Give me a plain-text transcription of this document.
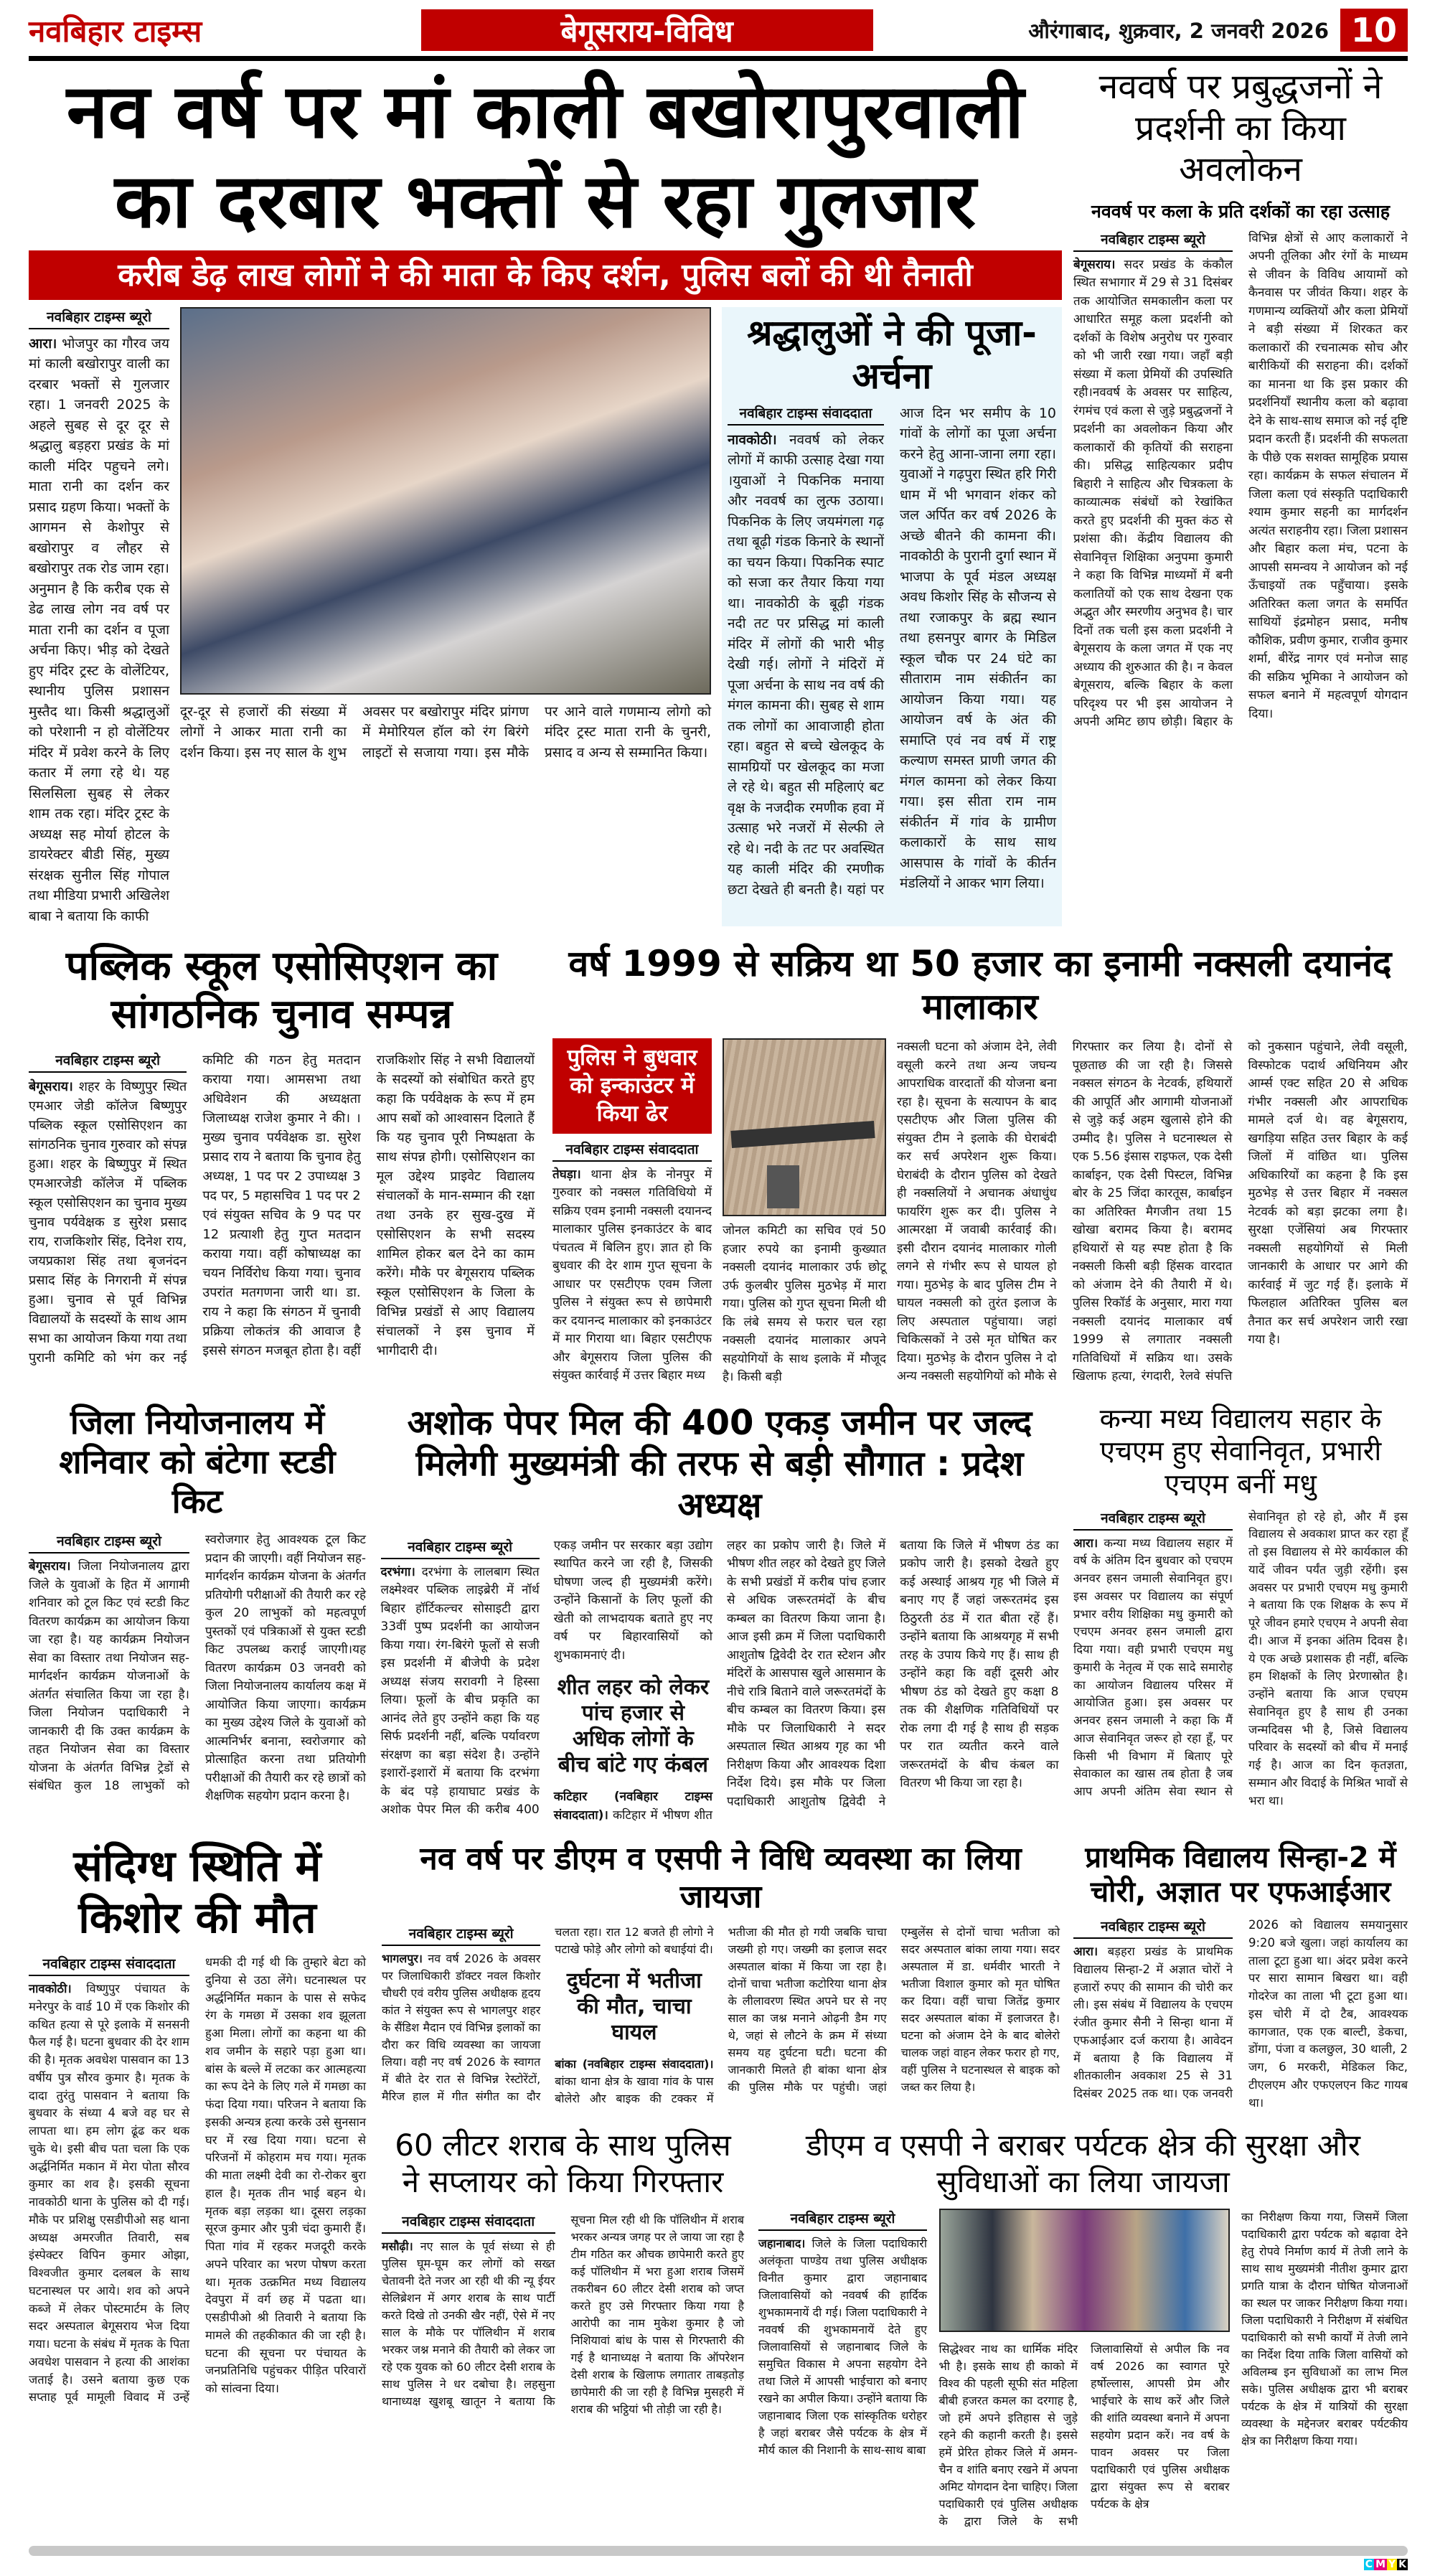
नवबिहार टाइम्स	बेगूसराय-विविध	औरंगाबाद, शुक्रवार, 2 जनवरी 2026 10
नव वर्ष पर मां काली बखोरापुरवाली
का दरबार भक्तों से रहा गुलजार
करीब डेढ़ लाख लोगों ने की माता के किए दर्शन, पुलिस बलों की थी तैनाती
नवबिहार टाइम्स ब्यूरो

आरा। भोजपुर का गौरव जय मां काली बखोरापुर वाली का दरबार भक्तों से गुलजार रहा। 1 जनवरी 2025 के अहले सुबह से दूर दूर से श्रद्धालु बड़हरा प्रखंड के मां काली मंदिर पहुचने लगे। माता रानी का दर्शन कर प्रसाद ग्रहण किया। भक्तों के आगमन से केशोपुर से बखोरापुर व लौहर से बखोरापुर तक रोड जाम रहा। अनुमान है कि करीब एक से डेढ लाख लोग नव वर्ष पर माता रानी का दर्शन व पूजा अर्चना किए। भीड़ को देखते हुए मंदिर ट्रस्ट के वोलेंटियर, स्थानीय पुलिस प्रशासन मुस्तैद था। किसी श्रद्धालुओं को परेशानी न हो वोलेंटियर मंदिर में प्रवेश करने के लिए कतार में लगा रहे थे। यह सिलसिला सुबह से लेकर शाम तक रहा। मंदिर ट्रस्ट के अध्यक्ष सह मोर्या होटल के डायरेक्टर बीडी सिंह, मुख्य संरक्षक सुनील सिंह गोपाल तथा मीडिया प्रभारी अखिलेश बाबा ने बताया कि काफी

दूर-दूर से हजारों की संख्या में लोगों ने आकर माता रानी का दर्शन किया। इस नए साल के शुभ अवसर पर बखोरापुर मंदिर प्रांगण में मेमोरियल हॉल को रंग बिरंगे लाइटों से सजाया गया। इस मौके पर आने वाले गणमान्य लोगो को मंदिर ट्रस्ट माता रानी के चुनरी, प्रसाद व अन्य से सम्मानित किया।

श्रद्धालुओं ने की पूजा-अर्चना
नवबिहार टाइम्स संवाददाता

नावकोठी। नववर्ष को लेकर लोगों में काफी उत्साह देखा गया ।युवाओं ने पिकनिक मनाया और नववर्ष का लुत्फ उठाया। पिकनिक के लिए जयमंगला गढ़ तथा बूढ़ी गंडक किनारे के स्थानों का चयन किया। पिकनिक स्पाट को सजा कर तैयार किया गया था। नावकोठी के बूढ़ी गंडक नदी तट पर प्रसिद्ध मां काली मंदिर में लोगों की भारी भीड़ देखी गई। लोगों ने मंदिरों में पूजा अर्चना के साथ नव वर्ष की मंगल कामना की। सुबह से शाम तक लोगों का आवाजाही होता रहा। बहुत से बच्चे खेलकूद के सामग्रियों पर खेलकूद का मजा ले रहे थे। बहुत सी महिलाएं बट वृक्ष के नजदीक रमणीक हवा में उत्साह भरे नजरों में सेल्फी ले रहे थे। नदी के तट पर अवस्थित यह काली मंदिर की रमणीक छटा देखते ही बनती है। यहां पर आज दिन भर समीप के 10 गांवों के लोगों का पूजा अर्चना करने हेतु आना-जाना लगा रहा। युवाओं ने गढ़पुरा स्थित हरि गिरी धाम में भी भगवान शंकर को जल अर्पित कर वर्ष 2026 के अच्छे बीतने की कामना की। नावकोठी के पुरानी दुर्गा स्थान में भाजपा के पूर्व मंडल अध्यक्ष अवध किशोर सिंह के सौजन्य से तथा रजाकपुर के ब्रह्म स्थान तथा हसनपुर बागर के मिडिल स्कूल चौक पर 24 घंटे का सीताराम नाम संकीर्तन का आयोजन किया गया। यह आयोजन वर्ष के अंत की समाप्ति एवं नव वर्ष में राष्ट्र कल्याण समस्त प्राणी जगत की मंगल कामना को लेकर किया गया। इस सीता राम नाम संकीर्तन में गांव के ग्रामीण कलाकारों के साथ साथ आसपास के गांवों के कीर्तन मंडलियों ने आकर भाग लिया।

नववर्ष पर प्रबुद्धजनों ने प्रदर्शनी का किया अवलोकन
नववर्ष पर कला के प्रति दर्शकों का रहा उत्साह
नवबिहार टाइम्स ब्यूरो

बेगूसराय। सदर प्रखंड के कंकौल स्थित सभागार में 29 से 31 दिसंबर तक आयोजित समकालीन कला पर आधारित समूह कला प्रदर्शनी को दर्शकों के विशेष अनुरोध पर गुरुवार को भी जारी रखा गया। जहाँ बड़ी संख्या में कला प्रेमियों की उपस्थिति रही।नववर्ष के अवसर पर साहित्य, रंगमंच एवं कला से जुड़े प्रबुद्धजनों ने प्रदर्शनी का अवलोकन किया और कलाकारों की कृतियों की सराहना की। प्रसिद्ध साहित्यकार प्रदीप बिहारी ने साहित्य और चित्रकला के काव्यात्मक संबंधों को रेखांकित करते हुए प्रदर्शनी की मुक्त कंठ से प्रशंसा की। केंद्रीय विद्यालय की सेवानिवृत्त शिक्षिका अनुपमा कुमारी ने कहा कि विभिन्न माध्यमों में बनी कलातियों को एक साथ देखना एक अद्भुत और स्मरणीय अनुभव है। चार दिनों तक चली इस कला प्रदर्शनी ने बेगूसराय के कला जगत में एक नए अध्याय की शुरुआत की है। न केवल बेगूसराय, बल्कि बिहार के कला परिदृश्य पर भी इस आयोजन ने अपनी अमिट छाप छोड़ी। बिहार के विभिन्न क्षेत्रों से आए कलाकारों ने अपनी तूलिका और रंगों के माध्यम से जीवन के विविध आयामों को कैनवास पर जीवंत किया। शहर के गणमान्य व्यक्तियों और कला प्रेमियों ने बड़ी संख्या में शिरकत कर कलाकारों की रचनात्मक सोच और बारीकियों की सराहना की। दर्शकों का मानना था कि इस प्रकार की प्रदर्शनियाँ स्थानीय कला को बढ़ावा देने के साथ-साथ समाज को नई दृष्टि प्रदान करती हैं। प्रदर्शनी की सफलता के पीछे एक सशक्त सामूहिक प्रयास रहा। कार्यक्रम के सफल संचालन में जिला कला एवं संस्कृति पदाधिकारी श्याम कुमार सहनी का मार्गदर्शन अत्यंत सराहनीय रहा। जिला प्रशासन और बिहार कला मंच, पटना के आपसी समन्वय ने आयोजन को नई ऊँचाइयों तक पहुँचाया। इसके अतिरिक्त कला जगत के समर्पित साथियों इंद्रमोहन प्रसाद, मनीष कौशिक, प्रवीण कुमार, राजीव कुमार शर्मा, बीरेंद्र नागर एवं मनोज साह की सक्रिय भूमिका ने आयोजन को सफल बनाने में महत्वपूर्ण योगदान दिया।

पब्लिक स्कूल एसोसिएशन का सांगठनिक चुनाव सम्पन्न
नवबिहार टाइम्स ब्यूरो

बेगूसराय। शहर के विष्णुपुर स्थित एमआर जेडी कॉलेज बिष्णुपुर पब्लिक स्कूल एसोसिएशन का सांगठनिक चुनाव गुरुवार को संपन्न हुआ। शहर के बिष्णुपुर में स्थित एमआरजेडी कॉलेज में पब्लिक स्कूल एसोसिएशन का चुनाव मुख्य चुनाव पर्यवेक्षक ड सुरेश प्रसाद राय, राजकिशोर सिंह, दिनेश राय, जयप्रकाश सिंह तथा बृजनंदन प्रसाद सिंह के निगरानी में संपन्न हुआ। चुनाव से पूर्व विभिन्न विद्यालयों के सदस्यों के साथ आम सभा का आयोजन किया गया तथा पुरानी कमिटि को भंग कर नई कमिटि की गठन हेतु मतदान कराया गया। आमसभा तथा अधिवेशन की अध्यक्षता जिलाध्यक्ष राजेश कुमार ने की। ।मुख्य चुनाव पर्यवेक्षक डा. सुरेश प्रसाद राय ने बताया कि चुनाव हेतु अध्यक्ष, 1 पद पर 2 उपाध्यक्ष 3 पद पर, 5 महासचिव 1 पद पर 2 एवं संयुक्त सचिव के 9 पद पर 12 प्रत्याशी हेतु गुप्त मतदान कराया गया। वहीं कोषाध्यक्ष का चयन निर्विरोध किया गया। चुनाव उपरांत मतगणना जारी था। डा. राय ने कहा कि संगठन में चुनावी प्रक्रिया लोकतंत्र की आवाज है इससे संगठन मजबूत होता है। वहीं राजकिशोर सिंह ने सभी विद्यालयों के सदस्यों को संबोधित करते हुए कहा कि पर्यवेक्षक के रूप में हम आप सबों को आश्वासन दिलाते हैं कि यह चुनाव पूरी निष्पक्षता के साथ संपन्न होगी। एसोसिएशन का मूल उद्देश्य प्राइवेट विद्यालय संचालकों के मान-सम्मान की रक्षा तथा उनके हर सुख-दुख में एसोसिएशन के सभी सदस्य शामिल होकर बल देने का काम करेंगे। मौके पर बेगूसराय पब्लिक स्कूल एसोसिएशन के जिला के विभिन्न प्रखंडों से आए विद्यालय संचालकों ने इस चुनाव में भागीदारी दी।

वर्ष 1999 से सक्रिय था 50 हजार का इनामी नक्सली दयानंद मालाकार
पुलिस ने बुधवार को इन्काउंटर में किया ढेर
नवबिहार टाइम्स संवाददाता

तेघड़ा। थाना क्षेत्र के नोनपुर में गुरुवार को नक्सल गतिविधियो में सक्रिय एवम इनामी नक्सली दयानन्द मालाकार पुलिस इनकाउंटर के बाद पंचतत्व में बिलिन हुए। ज्ञात हो कि बुधवार की देर शाम गुप्त सूचना के आधार पर एसटीएफ एवम जिला पुलिस ने संयुक्त रूप से छापेमारी कर दयानन्द मालाकार को इनकाउंटर में मार गिराया था। बिहार एसटीएफ और बेगूसराय जिला पुलिस की संयुक्त कार्रवाई में उत्तर बिहार मध्य

जोनल कमिटी का सचिव एवं 50 हजार रुपये का इनामी कुख्यात नक्सली दयानंद मालाकार उर्फ छोटू उर्फ कुलबीर पुलिस मुठभेड़ में मारा गया। पुलिस को गुप्त सूचना मिली थी कि लंबे समय से फरार चल रहा नक्सली दयानंद मालाकार अपने सहयोगियों के साथ इलाके में मौजूद है। किसी बड़ी

नक्सली घटना को अंजाम देने, लेवी वसूली करने तथा अन्य जघन्य आपराधिक वारदातों की योजना बना रहा है। सूचना के सत्यापन के बाद एसटीएफ और जिला पुलिस की संयुक्त टीम ने इलाके की घेराबंदी कर सर्च अपरेशन शुरू किया। घेराबंदी के दौरान पुलिस को देखते ही नक्सलियों ने अचानक अंधाधुंध फायरिंग शुरू कर दी। पुलिस ने आत्मरक्षा में जवाबी कार्रवाई की। इसी दौरान दयानंद मालाकार गोली लगने से गंभीर रूप से घायल हो गया। मुठभेड़ के बाद पुलिस टीम ने घायल नक्सली को तुरंत इलाज के लिए अस्पताल पहुंचाया। जहां चिकित्सकों ने उसे मृत घोषित कर दिया। मुठभेड़ के दौरान पुलिस ने दो अन्य नक्सली सहयोगियों को मौके से गिरफ्तार कर लिया है। दोनों से पूछताछ की जा रही है। जिससे नक्सल संगठन के नेटवर्क, हथियारों की आपूर्ति और आगामी योजनाओं से जुड़े कई अहम खुलासे होने की उम्मीद है। पुलिस ने घटनास्थल से एक 5.56 इंसास राइफल, एक देसी कार्बाइन, एक देसी पिस्टल, विभिन्न बोर के 25 जिंदा कारतूस, कार्बाइन का अतिरिक्त मैगजीन तथा 15 खोखा बरामद किया है। बरामद हथियारों से यह स्पष्ट होता है कि नक्सली किसी बड़ी हिंसक वारदात को अंजाम देने की तैयारी में थे। पुलिस रिकॉर्ड के अनुसार, मारा गया नक्सली दयानंद मालाकार वर्ष 1999 से लगातार नक्सली गतिविधियों में सक्रिय था। उसके खिलाफ हत्या, रंगदारी, रेलवे संपत्ति को नुकसान पहुंचाने, लेवी वसूली, विस्फोटक पदार्थ अधिनियम और आर्म्स एक्ट सहित 20 से अधिक गंभीर नक्सली और आपराधिक मामले दर्ज थे। वह बेगूसराय, खगड़िया सहित उत्तर बिहार के कई जिलों में वांछित था। पुलिस अधिकारियों का कहना है कि इस मुठभेड़ से उत्तर बिहार में नक्सल नेटवर्क को बड़ा झटका लगा है। सुरक्षा एजेंसियां अब गिरफ्तार नक्सली सहयोगियों से मिली जानकारी के आधार पर आगे की कार्रवाई में जुट गई हैं। इलाके में फिलहाल अतिरिक्त पुलिस बल तैनात कर सर्च अपरेशन जारी रखा गया है।

जिला नियोजनालय में शनिवार को बंटेगा स्टडी किट
नवबिहार टाइम्स ब्यूरो

बेगूसराय। जिला नियोजनालय द्वारा जिले के युवाओं के हित में आगामी शनिवार को टूल किट एवं स्टडी किट वितरण कार्यक्रम का आयोजन किया जा रहा है। यह कार्यक्रम नियोजन सेवा का विस्तार तथा नियोजन सह-मार्गदर्शन कार्यक्रम योजनाओं के अंतर्गत संचालित किया जा रहा है। जिला नियोजन पदाधिकारी ने जानकारी दी कि उक्त कार्यक्रम के तहत नियोजन सेवा का विस्तार योजना के अंतर्गत विभिन्न ट्रेडों से संबंधित कुल 18 लाभुकों को स्वरोजगार हेतु आवश्यक टूल किट प्रदान की जाएगी। वहीं नियोजन सह-मार्गदर्शन कार्यक्रम योजना के अंतर्गत प्रतियोगी परीक्षाओं की तैयारी कर रहे कुल 20 लाभुकों को महत्वपूर्ण पुस्तकों एवं पत्रिकाओं से युक्त स्टडी किट उपलब्ध कराई जाएगी।यह वितरण कार्यक्रम 03 जनवरी को जिला नियोजनालय कार्यालय कक्ष में आयोजित किया जाएगा। कार्यक्रम का मुख्य उद्देश्य जिले के युवाओं को आत्मनिर्भर बनाना, स्वरोजगार को प्रोत्साहित करना तथा प्रतियोगी परीक्षाओं की तैयारी कर रहे छात्रों को शैक्षणिक सहयोग प्रदान करना है।

अशोक पेपर मिल की 400 एकड़ जमीन पर जल्द मिलेगी मुख्यमंत्री की तरफ से बड़ी सौगात : प्रदेश अध्यक्ष
नवबिहार टाइम्स ब्यूरो

दरभंगा। दरभंगा के लालबाग स्थित लक्ष्मेश्वर पब्लिक लाइब्रेरी में नॉर्थ बिहार हॉर्टिकल्चर सोसाइटी द्वारा 33वीं पुष्प प्रदर्शनी का आयोजन किया गया। रंग-बिरंगे फूलों से सजी इस प्रदर्शनी में बीजेपी के प्रदेश अध्यक्ष संजय सरावगी ने हिस्सा लिया। फूलों के बीच प्रकृति का आनंद लेते हुए उन्होंने कहा कि यह सिर्फ प्रदर्शनी नहीं, बल्कि पर्यावरण संरक्षण का बड़ा संदेश है। उन्होंने इशारों-इशारों में बताया कि दरभंगा के बंद पड़े हायाघाट प्रखंड के अशोक पेपर मिल की करीब 400 एकड़ जमीन पर सरकार बड़ा उद्योग स्थापित करने जा रही है, जिसकी घोषणा जल्द ही मुख्यमंत्री करेंगे। उन्होंने किसानों के लिए फूलों की खेती को लाभदायक बताते हुए नए वर्ष पर बिहारवासियों को शुभकामनाएं दी।

शीत लहर को लेकर पांच हजार से अधिक लोगों के बीच बांटे गए कंबल

कटिहार (नवबिहार टाइम्स संवाददाता)। कटिहार में भीषण शीत लहर का प्रकोप जारी है। जिले में भीषण शीत लहर को देखते हुए जिले के सभी प्रखंडों में करीब पांच हजार से अधिक जरूरतमंदों के बीच कम्बल का वितरण किया जाना है। आज इसी क्रम में जिला पदाधिकारी आशुतोष द्विवेदी देर रात स्टेशन और मंदिरों के आसपास खुले आसमान के नीचे रात्रि बिताने वाले जरूरतमंदों के बीच कम्बल का वितरण किया। इस मौके पर जिलाधिकारी ने सदर अस्पताल स्थित आश्रय गृह का भी निरीक्षण किया और आवश्यक दिशा निर्देश दिये। इस मौके पर जिला पदाधिकारी आशुतोष द्विवेदी ने बताया कि जिले में भीषण ठंड का प्रकोप जारी है। इसको देखते हुए कई अस्थाई आश्रय गृह भी जिले में बनाए गए हैं जहां जरूरतमंद इस ठिठुरती ठंड में रात बीता रहें हैं। उन्होंने बताया कि आश्रयगृह में सभी तरह के उपाय किये गए हैं। साथ ही उन्होंने कहा कि वहीं दूसरी ओर भीषण ठंड को देखते हुए कक्षा 8 तक की शैक्षणिक गतिविधियों पर रोक लगा दी गई है साथ ही सड़क पर रात व्यतीत करने वाले जरूरतमंदों के बीच कंबल का वितरण भी किया जा रहा है।

कन्या मध्य विद्यालय सहार के एचएम हुए सेवानिवृत, प्रभारी एचएम बनीं मधु
नवबिहार टाइम्स ब्यूरो

आरा। कन्या मध्य विद्यालय सहार में वर्ष के अंतिम दिन बुधवार को एचएम अनवर हसन जमाली सेवानिवृत हुए। इस अवसर पर विद्यालय का संपूर्ण प्रभार वरीय शिक्षिका मधु कुमारी को एचएम अनवर हसन जमाली द्वारा दिया गया। वही प्रभारी एचएम मधु कुमारी के नेतृत्व में एक सादे समारोह का आयोजन विद्यालय परिसर में आयोजित हुआ। इस अवसर पर अनवर हसन जमाली ने कहा कि मैं आज सेवानिवृत जरूर हो रहा हूँ, पर किसी भी विभाग में बिताए पूरे सेवाकाल का खास तब होता है जब आप अपनी अंतिम सेवा स्थान से सेवानिवृत हो रहे हो, और मैं इस विद्यालय से अवकाश प्राप्त कर रहा हूँ तो इस विद्यालय से मेरे कार्यकाल की यादें जीवन पर्यंत जुड़ी रहेंगी। इस अवसर पर प्रभारी एचएम मधु कुमारी ने बताया कि एक शिक्षक के रूप में पूरे जीवन हमारे एचएम ने अपनी सेवा दी। आज में इनका अंतिम दिवस है। ये एक अच्छे प्रशासक ही नहीं, बल्कि हम शिक्षकों के लिए प्रेरणास्रोत है। उन्होंने बताया कि आज एचएम सेवानिवृत हुए है साथ ही उनका जन्मदिवस भी है, जिसे विद्यालय परिवार के सदस्यों को बीच में मनाई गई है। आज का दिन कृतज्ञता, सम्मान और विदाई के मिश्रित भावों से भरा था।

संदिग्ध स्थिति में किशोर की मौत
नवबिहार टाइम्स संवाददाता

नावकोठी। विष्णुपुर पंचायत के मनेरपुर के वार्ड 10 में एक किशोर की कथित हत्या से पूरे इलाके में सनसनी फैल गई है। घटना बुधवार की देर शाम की है। मृतक अवधेश पासवान का 13 वर्षीय पुत्र सौरव कुमार है। मृतक के दादा तुरंतु पासवान ने बताया कि बुधवार के संध्या 4 बजे वह घर से लापता था। हम लोग ढूंढ कर थक चुके थे। इसी बीच पता चला कि एक अर्द्धनिर्मित मकान में मेरा पोता सौरव कुमार का शव है। इसकी सूचना नावकोठी थाना के पुलिस को दी गई। मौके पर प्रशिक्षु एसडीपीओ सह थाना अध्यक्ष अमरजीत तिवारी, सब इंस्पेक्टर विपिन कुमार ओझा, विश्वजीत कुमार दलबल के साथ घटनास्थल पर आये। शव को अपने कब्जे में लेकर पोस्टमार्टम के लिए सदर अस्पताल बेगूसराय भेज दिया गया। घटना के संबंध में मृतक के पिता अवधेश पासवान ने हत्या की आशंका जताई है। उसने बताया कुछ एक सप्ताह पूर्व मामूली विवाद में उन्हें धमकी दी गई थी कि तुम्हारे बेटा को दुनिया से उठा लेंगे। घटनास्थल पर अर्द्धनिर्मित मकान के पास से सफेद रंग के गमछा में उसका शव झूलता हुआ मिला। लोगों का कहना था की शव जमीन के सहारे पड़ा हुआ था। बांस के बल्ले में लटका कर आत्महत्या का रूप देने के लिए गले में गमछा का फंदा दिया गया। परिजन ने बताया कि इसकी अन्यत्र हत्या करके उसे सुनसान घर में रख दिया गया। घटना से परिजनों में कोहराम मच गया। मृतक की माता लक्ष्मी देवी का रो-रोकर बुरा हाल है। मृतक तीन भाई बहन थे। मृतक बड़ा लड़का था। दूसरा लड़का सूरज कुमार और पुत्री चंदा कुमारी हैं। पिता गांव में रहकर मजदूरी करके अपने परिवार का भरण पोषण करता था। मृतक उत्क्रमित मध्य विद्यालय देवपुरा में वर्ग छह में पढता था। एसडीपीओ श्री तिवारी ने बताया कि मामले की तहकीकात की जा रही है। घटना की सूचना पर पंचायत के जनप्रतिनिधि पहुंचकर पीड़ित परिवारों को सांत्वना दिया।

नव वर्ष पर डीएम व एसपी ने विधि व्यवस्था का लिया जायजा
नवबिहार टाइम्स ब्यूरो

भागलपुर। नव वर्ष 2026 के अवसर पर जिलाधिकारी डॉक्टर नवल किशोर चौधरी एवं वरीय पुलिस अधीक्षक हृदय कांत ने संयुक्त रूप से भागलपुर शहर के सैंडिश मैदान एवं विभिन्न इलाकों का दौरा कर विधि व्यवस्था का जायजा लिया। वही नए वर्ष 2026 के स्वागत में बीते देर रात से विभिन्न रेस्टोरेंटों, मैरिज हाल में गीत संगीत का दौर चलता रहा। रात 12 बजते ही लोगो ने पटाखे फोड़े और लोगो को बधाईयां दी।

दुर्घटना में भतीजा की मौत, चाचा घायल

बांका (नवबिहार टाइम्स संवाददाता)। बांका थाना क्षेत्र के खावा गांव के पास बोलेरो और बाइक की टक्कर में भतीजा की मौत हो गयी जबकि चाचा जख्मी हो गए। जख्मी का इलाज सदर अस्पताल बांका में किया जा रहा है। दोनों चाचा भतीजा कटोरिया थाना क्षेत्र के लीलावरण स्थित अपने घर से नए साल का जश्न मनाने ओढ़नी डैम गए थे, जहां से लौटने के क्रम में संध्या समय यह दुर्घटना घटी। घटना की जानकारी मिलते ही बांका थाना क्षेत्र की पुलिस मौके पर पहुंची। जहां एम्बुलेंस से दोनों चाचा भतीजा को सदर अस्पताल बांका लाया गया। सदर अस्पताल में डा. धर्मवीर भारती ने भतीजा विशाल कुमार को मृत घोषित कर दिया। वहीं चाचा जितेंद्र कुमार सदर अस्पताल बांका में इलाजरत है। घटना को अंजाम देने के बाद बोलेरो चालक जहां वाहन लेकर फरार हो गए, वहीं पुलिस ने घटनास्थल से बाइक को जब्त कर लिया है।

प्राथमिक विद्यालय सिन्हा-2 में चोरी, अज्ञात पर एफआईआर
नवबिहार टाइम्स ब्यूरो

आरा। बड़हरा प्रखंड के प्राथमिक विद्यालय सिन्हा-2 में अज्ञात चोरों ने हजारों रुपए की सामान की चोरी कर ली। इस संबंध में विद्यालय के एचएम रंजीत कुमार सैनी ने सिन्हा थाना में एफआईआर दर्ज कराया है। आवेदन में बताया है कि विद्यालय में शीतकालीन अवकाश 25 से 31 दिसंबर 2025 तक था। एक जनवरी 2026 को विद्यालय समयानुसार 9:20 बजे खुला। जहां कार्यालय का ताला टूटा हुआ था। अंदर प्रवेश करने पर सारा सामान बिखरा था। वही गोदरेज का ताला भी टूटा हुआ था। इस चोरी में दो टैब, आवश्यक कागजात, एक एक बाल्टी, डेकचा, डोंगा, पंजा व कलछुल, 30 थाली, 2 जग, 6 मरकरी, मेडिकल किट, टीएलएम और एफएलएन किट गायब था।

60 लीटर शराब के साथ पुलिस ने सप्लायर को किया गिरफ्तार
नवबिहार टाइम्स संवाददाता

मसौढ़ी। नए साल के पूर्व संध्या से ही पुलिस घूम-घूम कर लोगों को सख्त चेतावनी देते नजर आ रही थी की न्यू ईयर सेलिब्रेशन में अगर शराब के साथ पार्टी करते दिखे तो उनकी खैर नहीं, ऐसे में नए साल के मौके पर पॉलिथीन में शराब भरकर जश्न मनाने की तैयारी को लेकर जा रहे एक युवक को 60 लीटर देसी शराब के साथ पुलिस ने धर दबोचा है। लहसुना थानाध्यक्ष खुशबू खातून ने बताया कि सूचना मिल रही थी कि पॉलिथीन में शराब भरकर अन्यत्र जगह पर ले जाया जा रहा है टीम गठित कर औचक छापेमारी करते हुए कई पॉलिथीन में भरा हुआ शराब जिसमें तकरीबन 60 लीटर देसी शराब को जप्त करते हुए उसे गिरफ्तार किया गया है आरोपी का नाम मुकेश कुमार है जो निशियावां बांध के पास से गिरफ्तारी की गई है थानाध्यक्ष ने बताया कि ऑपरेशन देसी शराब के खिलाफ लगातार ताबड़तोड़ छापेमारी की जा रही है विभिन्न मुसहरी में शराब की भट्ठियां भी तोड़ी जा रही है।

डीएम व एसपी ने बराबर पर्यटक क्षेत्र की सुरक्षा और सुविधाओं का लिया जायजा
नवबिहार टाइम्स ब्यूरो

जहानाबाद। जिले के जिला पदाधिकारी अलंकृता पाण्डेय तथा पुलिस अधीक्षक विनीत कुमार द्वारा जहानाबाद जिलावासियों को नववर्ष की हार्दिक शुभकामनायें दी गई। जिला पदाधिकारी ने नववर्ष की शुभकामनायें देते हुए जिलावासियों से जहानाबाद जिले के समुचित विकास मे अपना सहयोग देने तथा जिले में आपसी भाईचारा को बनाए रखने का अपील किया। उन्होंने बताया कि जहानाबाद जिला एक सांस्कृतिक धरोहर है जहां बराबर जैसे पर्यटक के क्षेत्र में मौर्य काल की निशानी के साथ-साथ बाबा

सिद्धेश्वर नाथ का धार्मिक मंदिर भी है। इसके साथ ही काको में विश्व की पहली सूफी संत महिला बीबी हजरत कमल का दरगाह है, जो हमें अपने इतिहास से जुड़े रहने की कहानी करती है। इससे हमें प्रेरित होकर जिले में अमन-चैन व शांति बनाए रखने में अपना अमिट योगदान देना चाहिए। जिला पदाधिकारी एवं पुलिस अधीक्षक के द्वारा जिले के सभी जिलावासियों से अपील कि नव वर्ष 2026 का स्वागत पूरे हर्षोल्लास, आपसी प्रेम और भाईचारे के साथ करें और जिले की शांति व्यवस्था बनाने में अपना सहयोग प्रदान करें। नव वर्ष के पावन अवसर पर जिला पदाधिकारी एवं पुलिस अधीक्षक द्वारा संयुक्त रूप से बराबर पर्यटक के क्षेत्र

का निरीक्षण किया गया, जिसमें जिला पदाधिकारी द्वारा पर्यटक को बढ़ावा देने हेतु रोपवे निर्माण कार्य में तेजी लाने के साथ साथ मुख्यमंत्री नीतीश कुमार द्वारा प्रगति यात्रा के दौरान घोषित योजनाओं का स्थल पर जाकर निरीक्षण किया गया। जिला पदाधिकारी ने निरीक्षण में संबंधित पदाधिकारी को सभी कार्यों में तेजी लाने का निर्देश दिया ताकि जिला वासियों को अविलम्ब इन सुविधाओं का लाभ मिल सके। पुलिस अधीक्षक द्वारा भी बराबर पर्यटक के क्षेत्र में यात्रियों की सुरक्षा व्यवस्था के मद्देनजर बराबर पर्यटकीय क्षेत्र का निरीक्षण किया गया।

C M Y K
